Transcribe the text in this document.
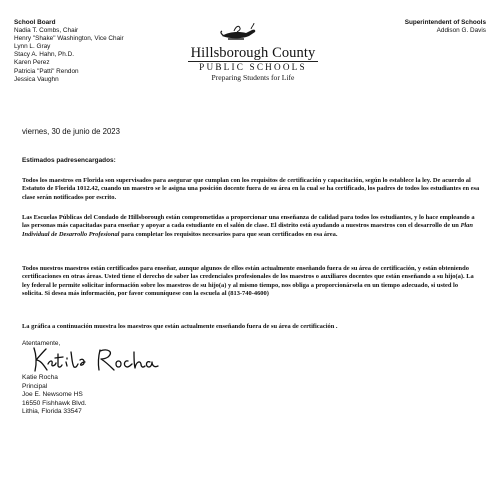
School Board
Nadia T. Combs, Chair
Henry "Shake" Washington, Vice Chair
Lynn L. Gray
Stacy A. Hahn, Ph.D.
Karen Perez
Patricia "Patti" Rendon
Jessica Vaughn
Superintendent of Schools
Addison G. Davis
Hillsborough County
PUBLIC SCHOOLS
Preparing Students for Life
viernes, 30 de junio de 2023
Estimados padresencargados:
Todos los maestros en Florida son supervisados para asegurar que cumplan con los requisitos de certificación y capacitación, según lo establece la ley. De acuerdo al Estatuto de Florida 1012.42, cuando un maestro se le asigna una posición docente fuera de su área en la cual se ha certificado, los padres de todos los estudiantes en esa clase serán notificados por escrito.
Las Escuelas Públicas del Condado de Hillsborough están comprometidas a proporcionar una enseñanza de calidad para todos los estudiantes, y lo hace empleando a las personas más capacitadas para enseñar y apoyar a cada estudiante en el salón de clase. El distrito está ayudando a nuestros maestros con el desarrollo de un Plan Individual de Desarrollo Profesional para completar los requisitos necesarios para que sean certificados en esa área.
Todos nuestros maestros están certificados para enseñar, aunque algunos de ellos están actualmente enseñando fuera de su área de certificación, y están obteniendo certificaciones en otras áreas. Usted tiene el derecho de saber las credenciales profesionales de los maestros o auxiliares docentes que están enseñando a su hijo(a). La ley federal le permite solicitar información sobre los maestros de su hijo(a) y al mismo tiempo, nos obliga a proporcionársela en un tiempo adecuado, si usted lo solicita. Si desea más información, por favor comuníquese con la escuela al (813-740-4600)
La gráfica a continuación muestra los maestros que están actualmente enseñando fuera de su área de certificación .
Atentamente,
Katie Rocha
Principal
Joe E. Newsome HS
16550 Fishhawk Blvd.
Lithia, Florida 33547
